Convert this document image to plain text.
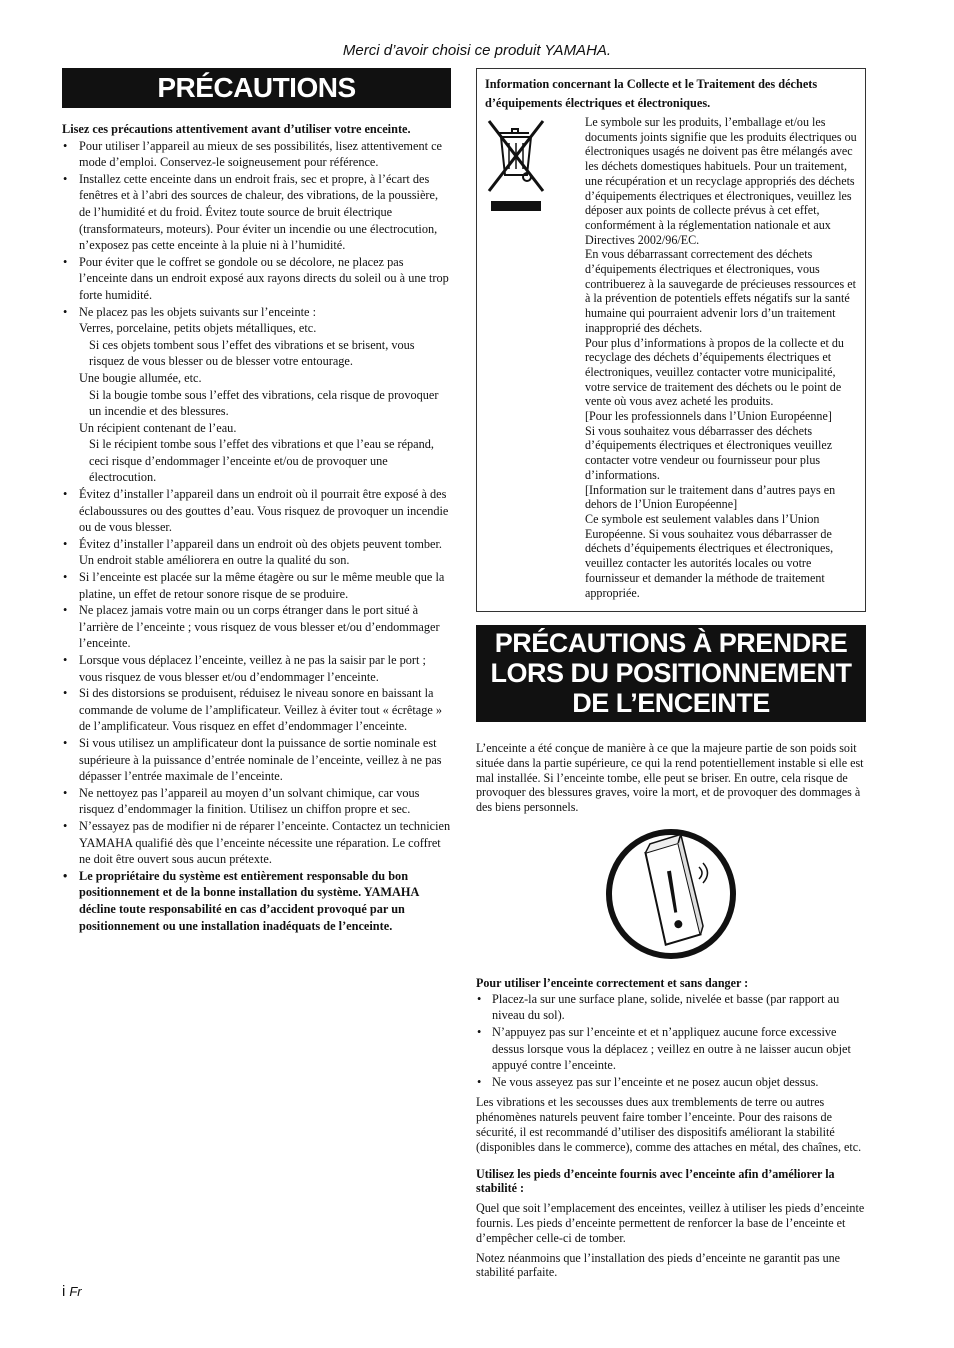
Merci d’avoir choisi ce produit YAMAHA.
PRÉCAUTIONS

Lisez ces précautions attentivement avant d’utiliser votre enceinte.

• Pour utiliser l’appareil au mieux de ses possibilités, lisez attentivement ce mode d’emploi. Conservez-le soigneusement pour référence.
• Installez cette enceinte dans un endroit frais, sec et propre, à l’écart des fenêtres et à l’abri des sources de chaleur, des vibrations, de la poussière, de l’humidité et du froid. Évitez toute source de bruit électrique (transformateurs, moteurs). Pour éviter un incendie ou une électrocution, n’exposez pas cette enceinte à la pluie ni à l’humidité.
• Pour éviter que le coffret se gondole ou se décolore, ne placez pas l’enceinte dans un endroit exposé aux rayons directs du soleil ou à une trop forte humidité.
• Ne placez pas les objets suivants sur l’enceinte :
Verres, porcelaine, petits objets métalliques, etc.
Si ces objets tombent sous l’effet des vibrations et se brisent, vous risquez de vous blesser ou de blesser votre entourage.
Une bougie allumée, etc.
Si la bougie tombe sous l’effet des vibrations, cela risque de provoquer un incendie et des blessures.
Un récipient contenant de l’eau.
Si le récipient tombe sous l’effet des vibrations et que l’eau se répand, ceci risque d’endommager l’enceinte et/ou de provoquer une électrocution.
• Évitez d’installer l’appareil dans un endroit où il pourrait être exposé à des éclaboussures ou des gouttes d’eau. Vous risquez de provoquer un incendie ou de vous blesser.
• Évitez d’installer l’appareil dans un endroit où des objets peuvent tomber. Un endroit stable améliorera en outre la qualité du son.
• Si l’enceinte est placée sur la même étagère ou sur le même meuble que la platine, un effet de retour sonore risque de se produire.
• Ne placez jamais votre main ou un corps étranger dans le port situé à l’arrière de l’enceinte ; vous risquez de vous blesser et/ou d’endommager l’enceinte.
• Lorsque vous déplacez l’enceinte, veillez à ne pas la saisir par le port ; vous risquez de vous blesser et/ou d’endommager l’enceinte.
• Si des distorsions se produisent, réduisez le niveau sonore en baissant la commande de volume de l’amplificateur. Veillez à éviter tout « écrêtage » de l’amplificateur. Vous risquez en effet d’endommager l’enceinte.
• Si vous utilisez un amplificateur dont la puissance de sortie nominale est supérieure à la puissance d’entrée nominale de l’enceinte, veillez à ne pas dépasser l’entrée maximale de l’enceinte.
• Ne nettoyez pas l’appareil au moyen d’un solvant chimique, car vous risquez d’endommager la finition. Utilisez un chiffon propre et sec.
• N’essayez pas de modifier ni de réparer l’enceinte. Contactez un technicien YAMAHA qualifié dès que l’enceinte nécessite une réparation. Le coffret ne doit être ouvert sous aucun prétexte.
• Le propriétaire du système est entièrement responsable du bon positionnement et de la bonne installation du système. YAMAHA décline toute responsabilité en cas d’accident provoqué par un positionnement ou une installation inadéquats de l’enceinte.
Information concernant la Collecte et le Traitement des déchets d’équipements électriques et électroniques.

Le symbole sur les produits, l’emballage et/ou les documents joints signifie que les produits électriques ou électroniques usagés ne doivent pas être mélangés avec les déchets domestiques habituels. Pour un traitement, une récupération et un recyclage appropriés des déchets d’équipements électriques et électroniques, veuillez les déposer aux points de collecte prévus à cet effet, conformément à la réglementation nationale et aux Directives 2002/96/EC.

En vous débarrassant correctement des déchets d’équipements électriques et électroniques, vous contribuerez à la sauvegarde de précieuses ressources et à la prévention de potentiels effets négatifs sur la santé humaine qui pourraient advenir lors d’un traitement inapproprié des déchets.

Pour plus d’informations à propos de la collecte et du recyclage des déchets d’équipements électriques et électroniques, veuillez contacter votre municipalité, votre service de traitement des déchets ou le point de vente où vous avez acheté les produits.

[Pour les professionnels dans l’Union Européenne]

Si vous souhaitez vous débarrasser des déchets d’équipements électriques et électroniques veuillez contacter votre vendeur ou fournisseur pour plus d’informations.

[Information sur le traitement dans d’autres pays en dehors de l’Union Européenne]

Ce symbole est seulement valables dans l’Union Européenne. Si vous souhaitez vous débarrasser de déchets d’équipements électriques et électroniques, veuillez contacter les autorités locales ou votre fournisseur et demander la méthode de traitement appropriée.

PRÉCAUTIONS À PRENDRE
LORS DU POSITIONNEMENT
DE L’ENCEINTE

L’enceinte a été conçue de manière à ce que la majeure partie de son poids soit située dans la partie supérieure, ce qui la rend potentiellement instable si elle est mal installée. Si l’enceinte tombe, elle peut se briser. En outre, cela risque de provoquer des blessures graves, voire la mort, et de provoquer des dommages à des biens personnels.

Pour utiliser l’enceinte correctement et sans danger :

• Placez-la sur une surface plane, solide, nivelée et basse (par rapport au niveau du sol).
• N’appuyez pas sur l’enceinte et et n’appliquez aucune force excessive dessus lorsque vous la déplacez ; veillez en outre à ne laisser aucun objet appuyé contre l’enceinte.
• Ne vous asseyez pas sur l’enceinte et ne posez aucun objet dessus.

Les vibrations et les secousses dues aux tremblements de terre ou autres phénomènes naturels peuvent faire tomber l’enceinte. Pour des raisons de sécurité, il est recommandé d’utiliser des dispositifs améliorant la stabilité (disponibles dans le commerce), comme des attaches en métal, des chaînes, etc.

Utilisez les pieds d’enceinte fournis avec l’enceinte afin d’améliorer la stabilité :

Quel que soit l’emplacement des enceintes, veillez à utiliser les pieds d’enceinte fournis. Les pieds d’enceinte permettent de renforcer la base de l’enceinte et d’empêcher celle-ci de tomber.

Notez néanmoins que l’installation des pieds d’enceinte ne garantit pas une stabilité parfaite.

i Fr
